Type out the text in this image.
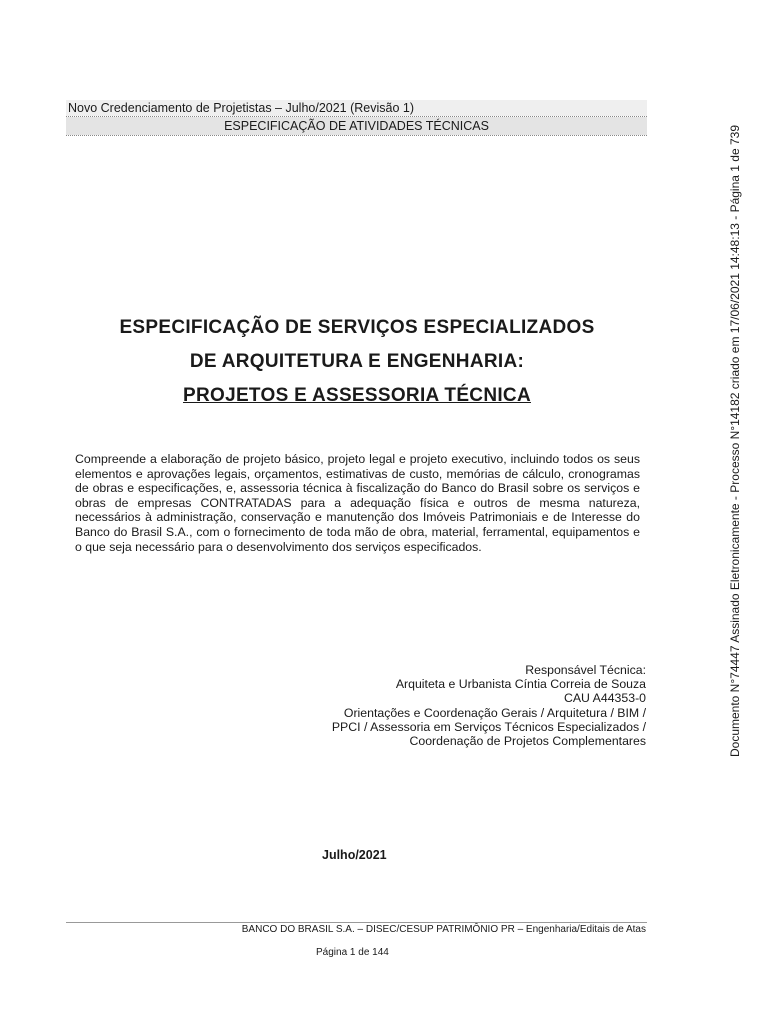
Novo Credenciamento de Projetistas – Julho/2021 (Revisão 1)
ESPECIFICAÇÃO DE ATIVIDADES TÉCNICAS
ESPECIFICAÇÃO DE SERVIÇOS ESPECIALIZADOS
DE ARQUITETURA E ENGENHARIA:
PROJETOS E ASSESSORIA TÉCNICA
Compreende a elaboração de projeto básico, projeto legal e projeto executivo, incluindo todos os seus elementos e aprovações legais, orçamentos, estimativas de custo, memórias de cálculo, cronogramas de obras e especificações, e, assessoria técnica à fiscalização do Banco do Brasil sobre os serviços e obras de empresas CONTRATADAS para a adequação física e outros de mesma natureza, necessários à administração, conservação e manutenção dos Imóveis Patrimoniais e de Interesse do Banco do Brasil S.A., com o fornecimento de toda mão de obra, material, ferramental, equipamentos e o que seja necessário para o desenvolvimento dos serviços especificados.
Responsável Técnica:
Arquiteta e Urbanista Cíntia Correia de Souza
CAU A44353-0
Orientações e Coordenação Gerais / Arquitetura / BIM /
PPCI / Assessoria em Serviços Técnicos Especializados /
Coordenação de Projetos Complementares
Julho/2021
BANCO DO BRASIL S.A. – DISEC/CESUP PATRIMÔNIO PR – Engenharia/Editais de Atas
Página 1 de 144
Documento N°74447 Assinado Eletronicamente - Processo N°14182 criado em 17/06/2021 14:48:13 - Página 1 de 739
